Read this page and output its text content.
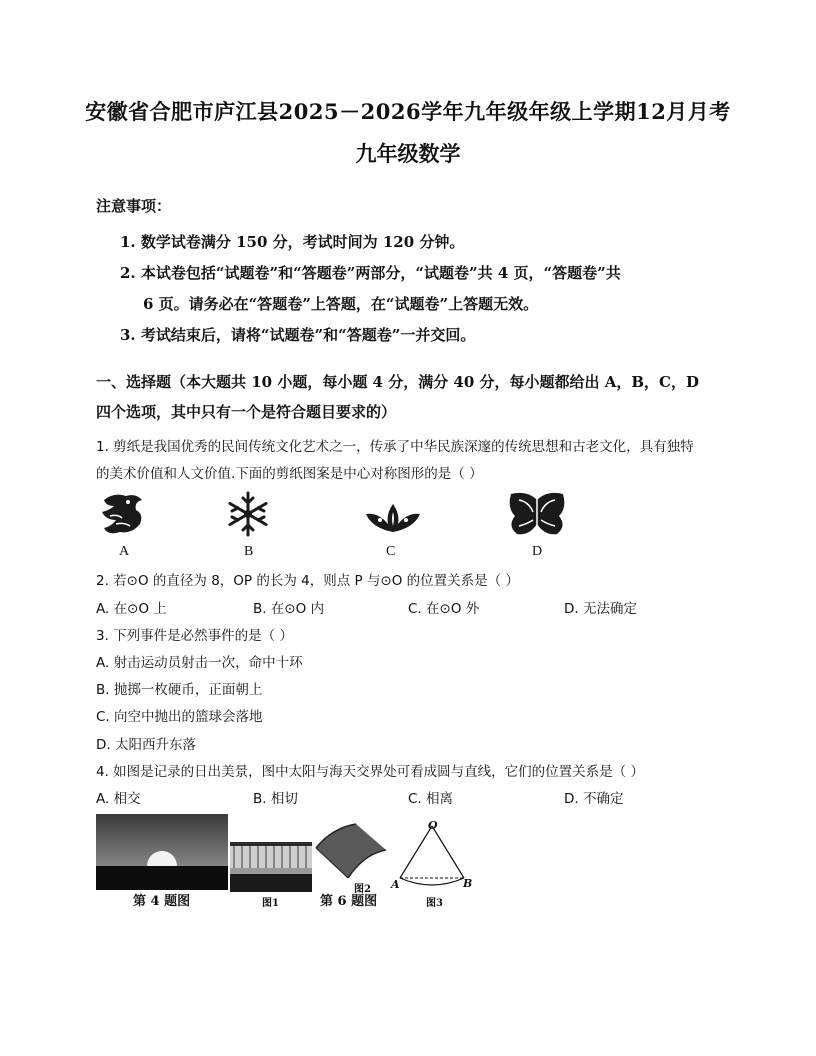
安徽省合肥市庐江县2025－2026学年九年级年级上学期12月月考
九年级数学
注意事项：
1. 数学试卷满分 150 分，考试时间为 120 分钟。
2. 本试卷包括“试题卷”和“答题卷”两部分，“试题卷”共 4 页，“答题卷”共
6 页。请务必在“答题卷”上答题，在“试题卷”上答题无效。
3. 考试结束后，请将“试题卷”和“答题卷”一并交回。
一、选择题（本大题共 10 小题，每小题 4 分，满分 40 分，每小题都给出 A，B，C，D
四个选项，其中只有一个是符合题目要求的）
1. 剪纸是我国优秀的民间传统文化艺术之一，传承了中华民族深邃的传统思想和古老文化，具有独特
的美术价值和人文价值.下面的剪纸图案是中心对称图形的是（ ）
A	B	C	D
2. 若⊙O 的直径为 8，OP 的长为 4，则点 P 与⊙O 的位置关系是（ ）
A. 在⊙O 上	B. 在⊙O 内	C. 在⊙O 外	D. 无法确定
3. 下列事件是必然事件的是（ ）
A. 射击运动员射击一次，命中十环
B. 抛掷一枚硬币，正面朝上
C. 向空中抛出的篮球会落地
D. 太阳西升东落
4. 如图是记录的日出美景，图中太阳与海天交界处可看成圆与直线，它们的位置关系是（ ）
A. 相交	B. 相切	C. 相离	D. 不确定
第 4 题图	图1
图2
第 6 题图
O
A	B
图3
